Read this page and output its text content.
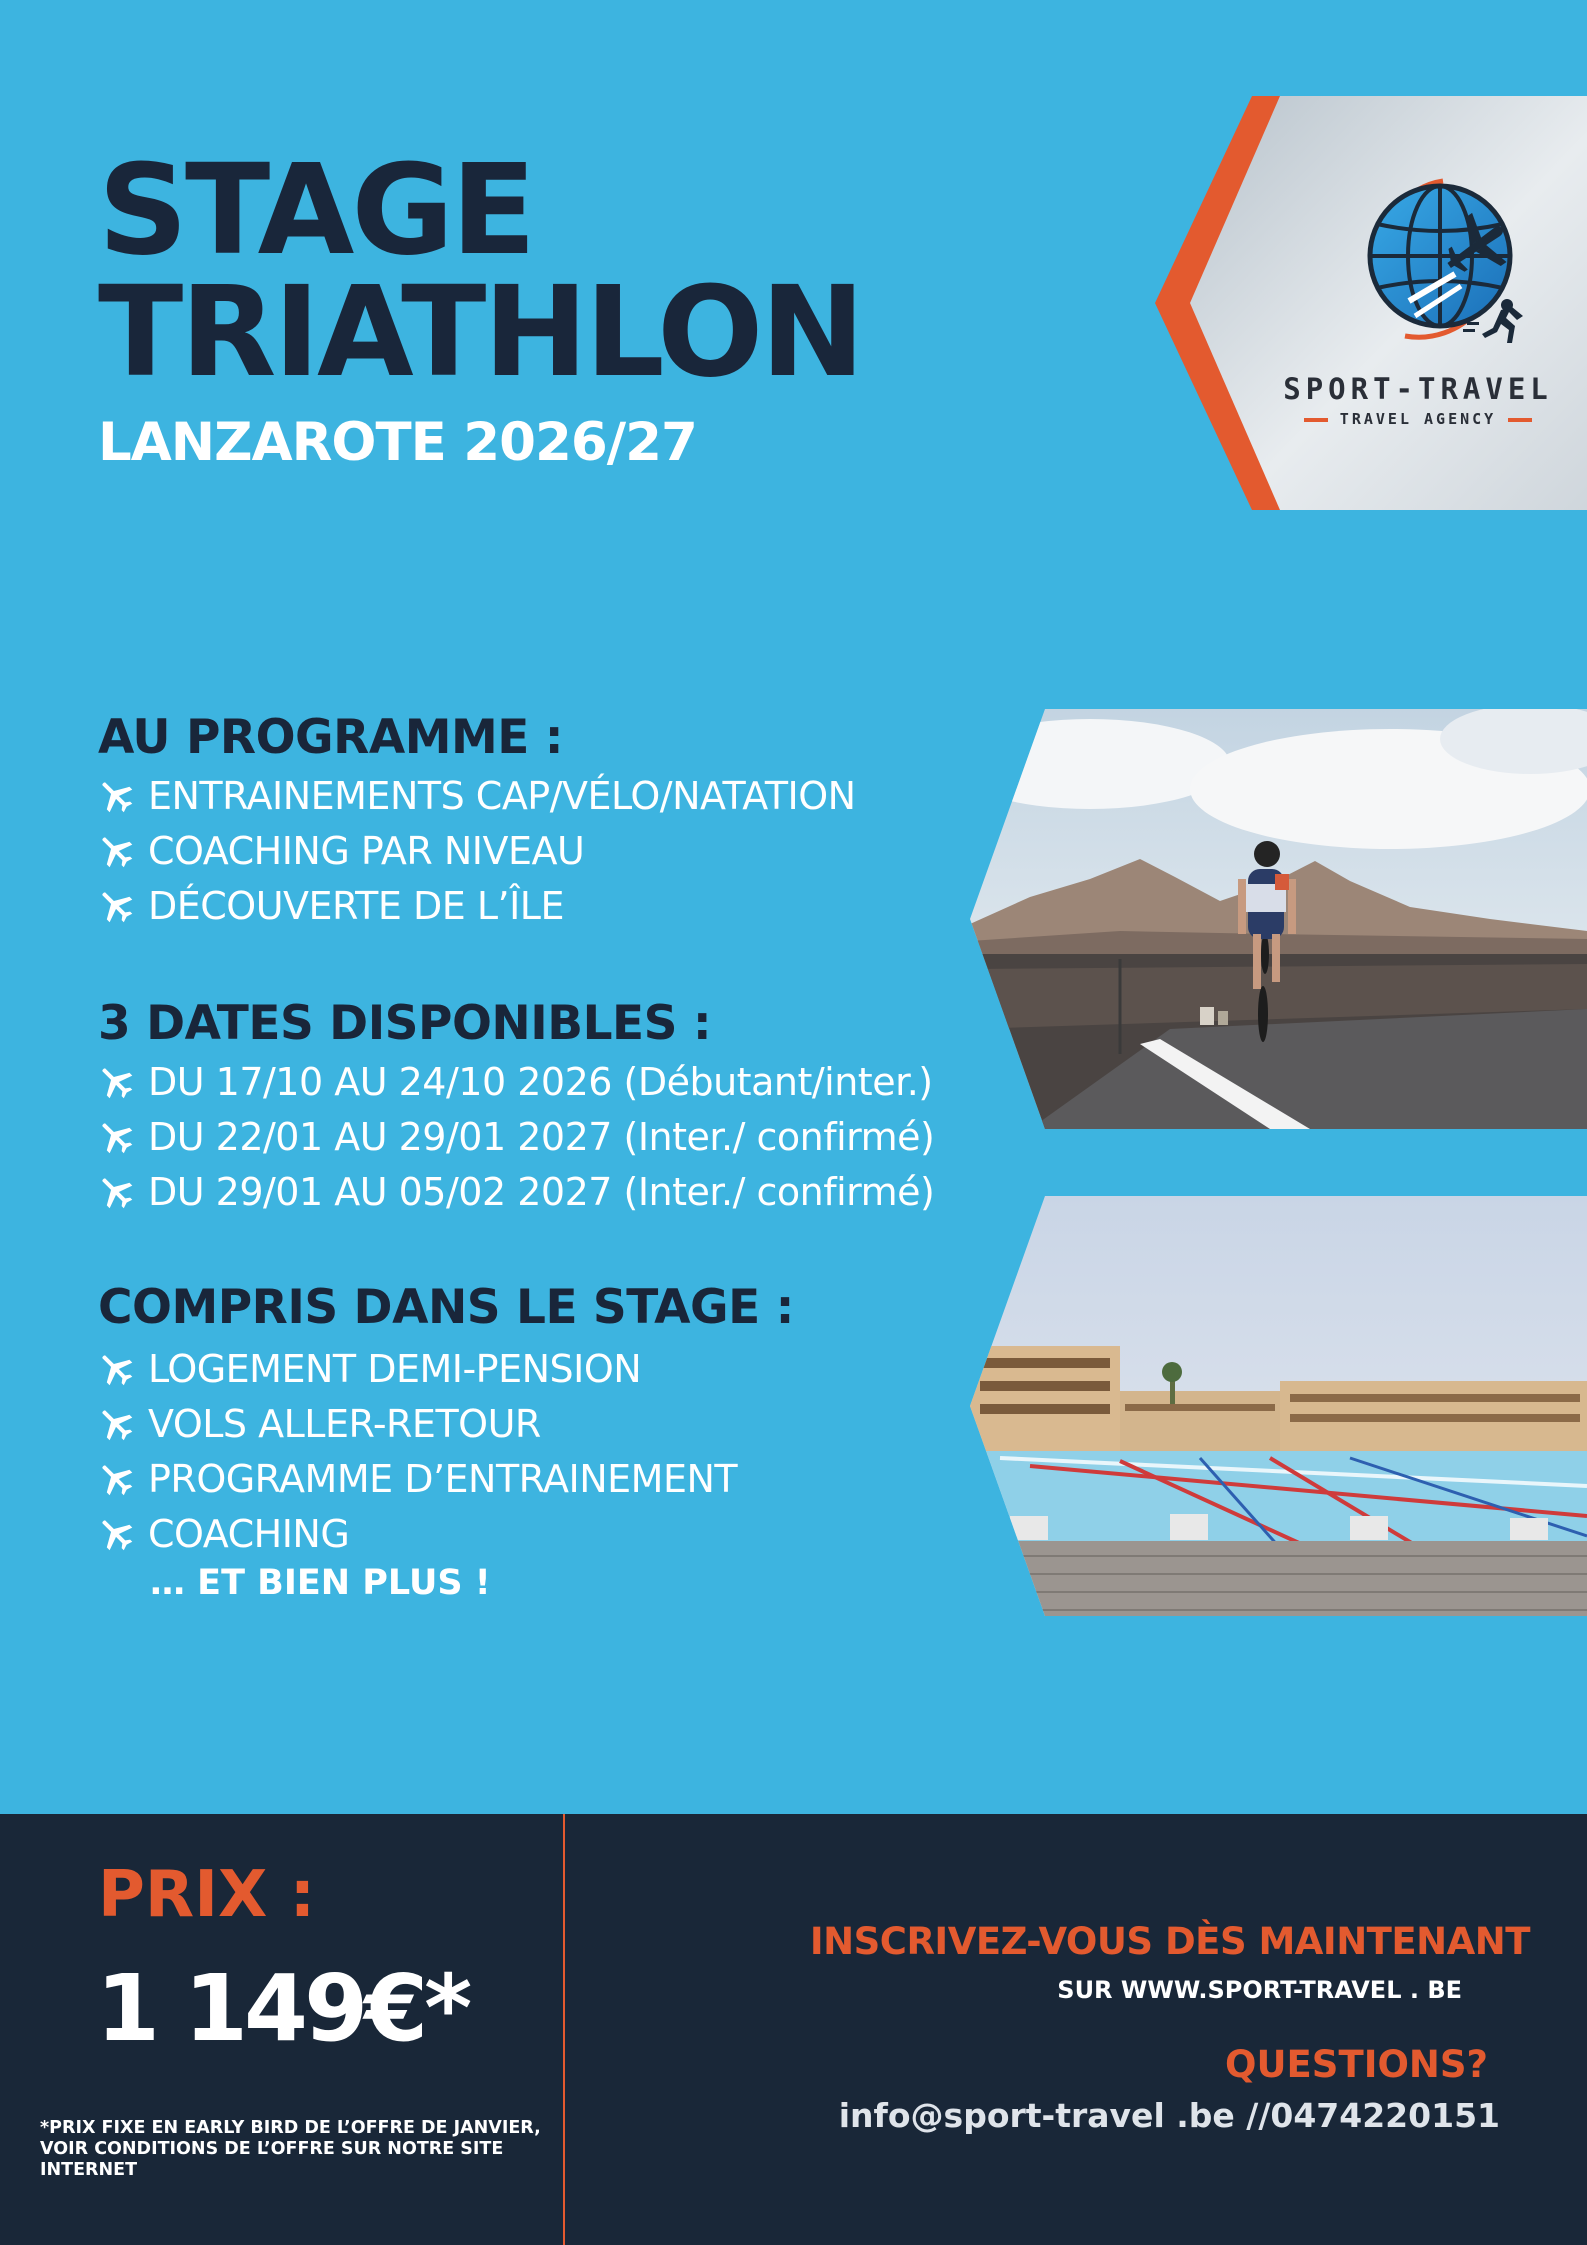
STAGE
TRIATHLON
LANZAROTE 2026/27
SPORT-TRAVEL
TRAVEL AGENCY
AU PROGRAMME :
ENTRAINEMENTS CAP/VÉLO/NATATION
COACHING PAR NIVEAU
DÉCOUVERTE DE L’ÎLE
3 DATES DISPONIBLES :
DU 17/10 AU 24/10 2026 (Débutant/inter.)
DU 22/01 AU 29/01 2027 (Inter./ confirmé)
DU 29/01 AU 05/02 2027 (Inter./ confirmé)
COMPRIS DANS LE STAGE :
LOGEMENT DEMI-PENSION
VOLS ALLER-RETOUR
PROGRAMME D’ENTRAINEMENT
COACHING
… ET BIEN PLUS !
PRIX :
1 149€*
*PRIX FIXE EN EARLY BIRD DE L’OFFRE DE JANVIER, VOIR CONDITIONS DE L’OFFRE SUR NOTRE SITE INTERNET
INSCRIVEZ-VOUS DÈS MAINTENANT
SUR WWW.SPORT-TRAVEL . BE
QUESTIONS?
info@sport-travel .be //0474220151
